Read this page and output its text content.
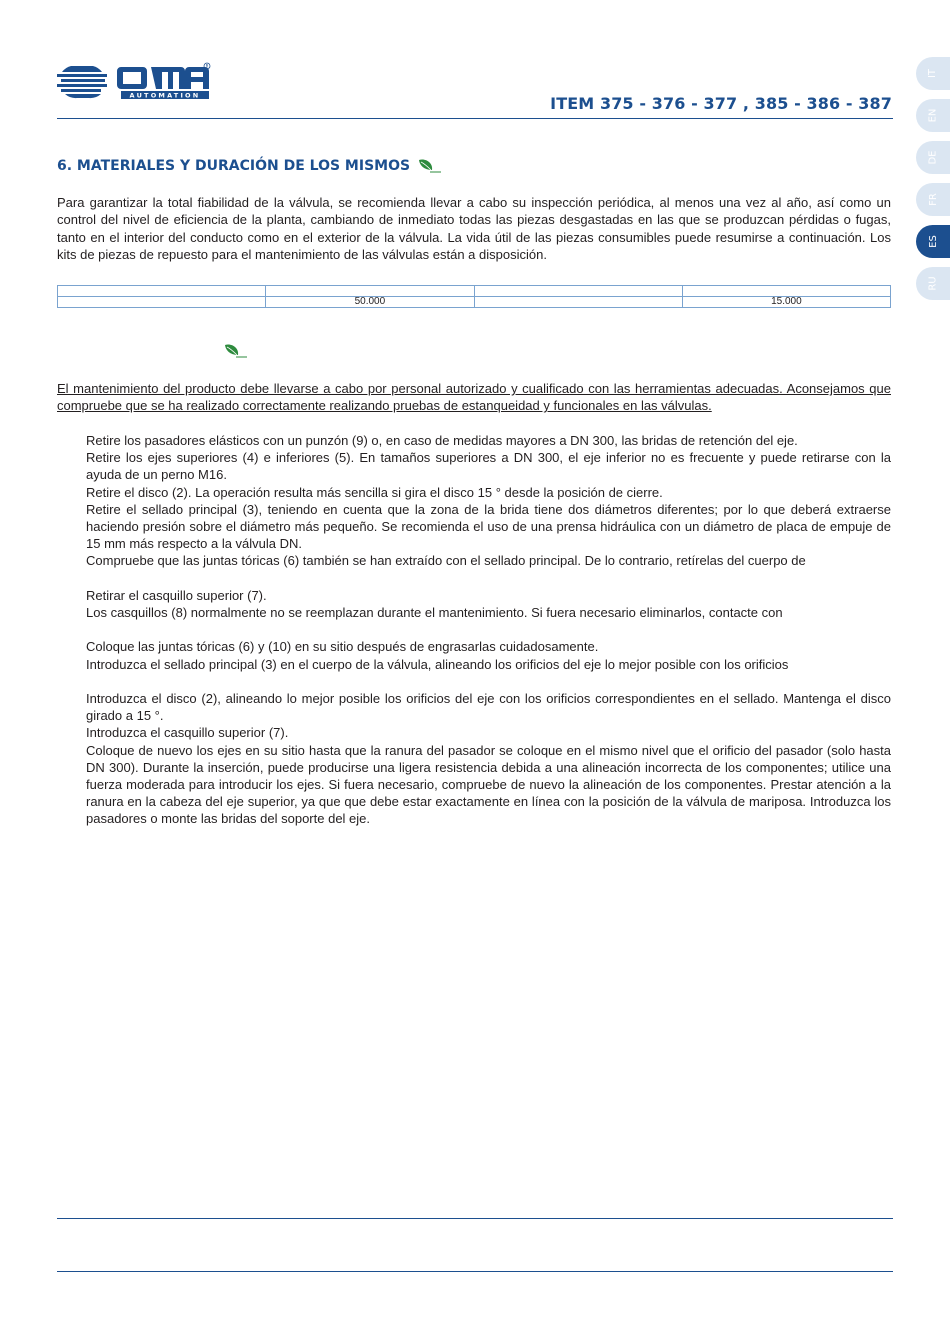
AUTOMATION
R
ITEM 375 - 376 - 377 , 385 - 386 - 387
IT
EN
DE
FR
ES
RU
6. MATERIALES Y DURACIÓN DE LOS MISMOS

Para garantizar la total fiabilidad de la válvula, se recomienda llevar a cabo su inspección periódica, al menos una vez al año, así como un control del nivel de eficiencia de la planta, cambiando de inmediato todas las piezas desgastadas en las que se produzcan pérdidas o fugas, tanto en el interior del conducto como en el exterior de la válvula. La vida útil de las piezas consumibles puede resumirse a continuación. Los kits de piezas de repuesto para el mantenimiento de las válvulas están a disposición.

	50.000		15.000

El mantenimiento del producto debe llevarse a cabo por personal autorizado y cualificado con las herramientas adecuadas. Aconsejamos que compruebe que se ha realizado correctamente realizando pruebas de estanqueidad y funcionales en las válvulas.

Retire los pasadores elásticos con un punzón (9) o, en caso de medidas mayores a DN 300, las bridas de retención del eje.
Retire los ejes superiores (4) e inferiores (5). En tamaños superiores a DN 300, el eje inferior no es frecuente y puede retirarse con la ayuda de un perno M16.
Retire el disco (2). La operación resulta más sencilla si gira el disco 15 ° desde la posición de cierre.
Retire el sellado principal (3), teniendo en cuenta que la zona de la brida tiene dos diámetros diferentes; por lo que deberá extraerse haciendo presión sobre el diámetro más pequeño. Se recomienda el uso de una prensa hidráulica con un diámetro de placa de empuje de 15 mm más respecto a la válvula DN.
Compruebe que las juntas tóricas (6) también se han extraído con el sellado principal. De lo contrario, retírelas del cuerpo de
Retirar el casquillo superior (7).
Los casquillos (8) normalmente no se reemplazan durante el mantenimiento. Si fuera necesario eliminarlos, contacte con
Coloque las juntas tóricas (6) y (10) en su sitio después de engrasarlas cuidadosamente.
Introduzca el sellado principal (3) en el cuerpo de la válvula, alineando los orificios del eje lo mejor posible con los orificios
Introduzca el disco (2), alineando lo mejor posible los orificios del eje con los orificios correspondientes en el sellado. Mantenga el disco girado a 15 °.
Introduzca el casquillo superior (7).
Coloque de nuevo los ejes en su sitio hasta que la ranura del pasador se coloque en el mismo nivel que el orificio del pasador (solo hasta DN 300). Durante la inserción, puede producirse una ligera resistencia debida a una alineación incorrecta de los componentes; utilice una fuerza moderada para introducir los ejes. Si fuera necesario, compruebe de nuevo la alineación de los componentes. Prestar atención a la ranura en la cabeza del eje superior, ya que que debe estar exactamente en línea con la posición de la válvula de mariposa. Introduzca los pasadores o monte las bridas del soporte del eje.
